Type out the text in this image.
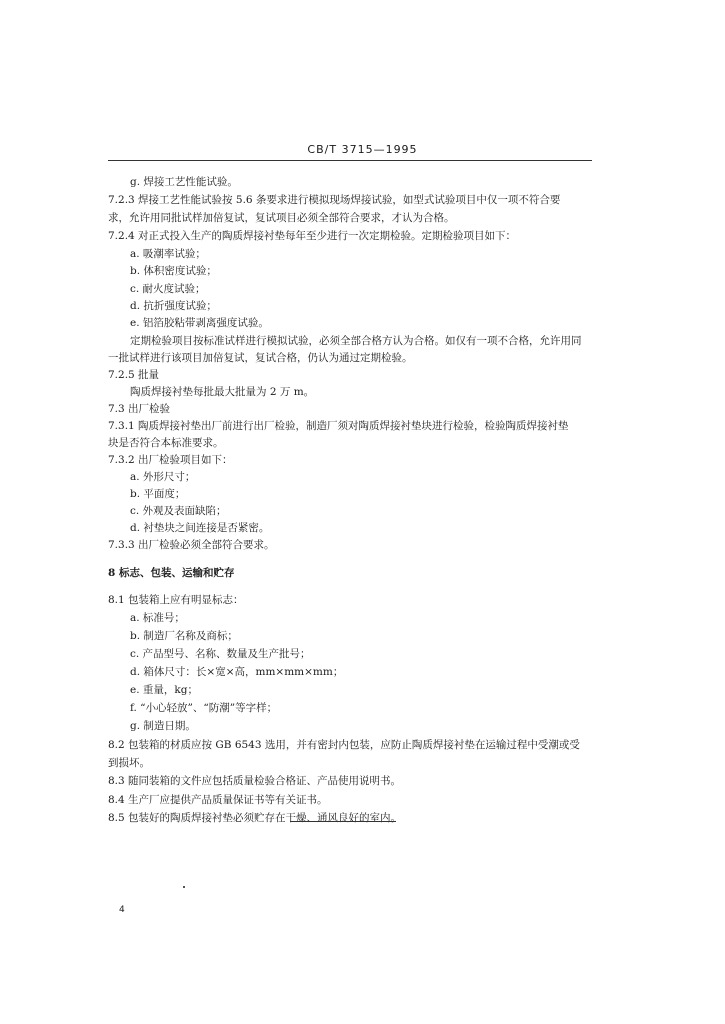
CB/T 3715—1995
g. 焊接工艺性能试验。
7.2.3 焊接工艺性能试验按 5.6 条要求进行模拟现场焊接试验，如型式试验项目中仅一项不符合要
求，允许用同批试样加倍复试，复试项目必须全部符合要求，才认为合格。
7.2.4 对正式投入生产的陶质焊接衬垫每年至少进行一次定期检验。定期检验项目如下：
a. 吸潮率试验；
b. 体积密度试验；
c. 耐火度试验；
d. 抗折强度试验；
e. 铝箔胶粘带剥离强度试验。
定期检验项目按标准试样进行模拟试验，必须全部合格方认为合格。如仅有一项不合格，允许用同
一批试样进行该项目加倍复试，复试合格，仍认为通过定期检验。
7.2.5 批量
陶质焊接衬垫每批最大批量为 2 万 m。
7.3 出厂检验
7.3.1 陶质焊接衬垫出厂前进行出厂检验，制造厂须对陶质焊接衬垫块进行检验，检验陶质焊接衬垫
块是否符合本标准要求。
7.3.2 出厂检验项目如下：
a. 外形尺寸；
b. 平面度；
c. 外观及表面缺陷；
d. 衬垫块之间连接是否紧密。
7.3.3 出厂检验必须全部符合要求。
8 标志、包装、运输和贮存
8.1 包装箱上应有明显标志：
a. 标准号；
b. 制造厂名称及商标；
c. 产品型号、名称、数量及生产批号；
d. 箱体尺寸：长×宽×高，mm×mm×mm；
e. 重量，kg；
f. “小心轻放”、“防潮”等字样；
g. 制造日期。
8.2 包装箱的材质应按 GB 6543 选用，并有密封内包装，应防止陶质焊接衬垫在运输过程中受潮或受
到损坏。
8.3 随同装箱的文件应包括质量检验合格证、产品使用说明书。
8.4 生产厂应提供产品质量保证书等有关证书。
8.5 包装好的陶质焊接衬垫必须贮存在干燥、通风良好的室内。
4
